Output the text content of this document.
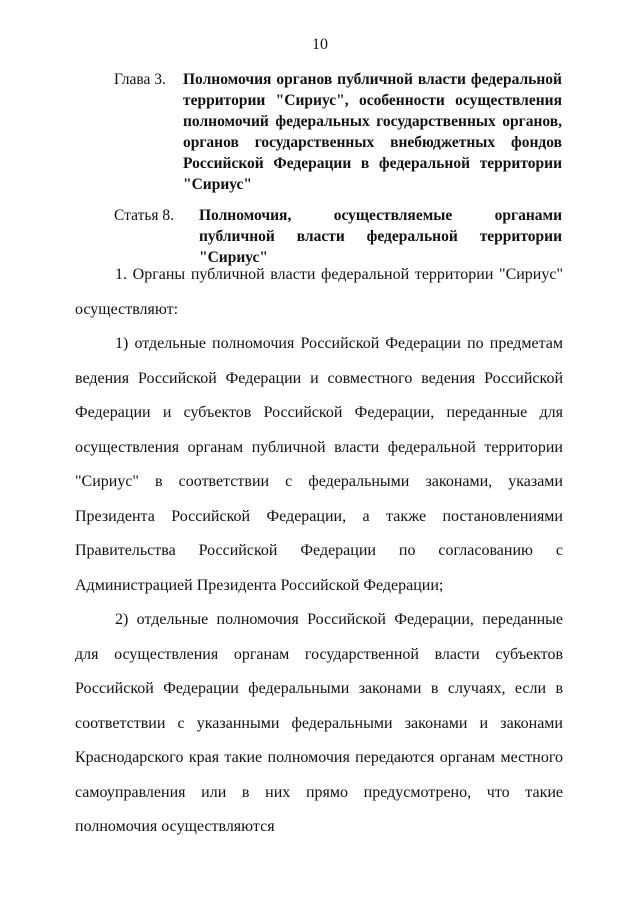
10
Глава 3. Полномочия органов публичной власти федеральной территории "Сириус", особенности осуществления полномочий федеральных государственных органов, органов государственных внебюджетных фондов Российской Федерации в федеральной территории "Сириус"
Статья 8. Полномочия, осуществляемые органами публичной власти федеральной территории "Сириус"

1. Органы публичной власти федеральной территории "Сириус" осуществляют:

1) отдельные полномочия Российской Федерации по предметам ведения Российской Федерации и совместного ведения Российской Федерации и субъектов Российской Федерации, переданные для осуществления органам публичной власти федеральной территории "Сириус" в соответствии с федеральными законами, указами Президента Российской Федерации, а также постановлениями Правительства Российской Федерации по согласованию с Администрацией Президента Российской Федерации;

2) отдельные полномочия Российской Федерации, переданные для осуществления органам государственной власти субъектов Российской Федерации федеральными законами в случаях, если в соответствии с указанными федеральными законами и законами Краснодарского края такие полномочия передаются органам местного самоуправления или в них прямо предусмотрено, что такие полномочия осуществляются
